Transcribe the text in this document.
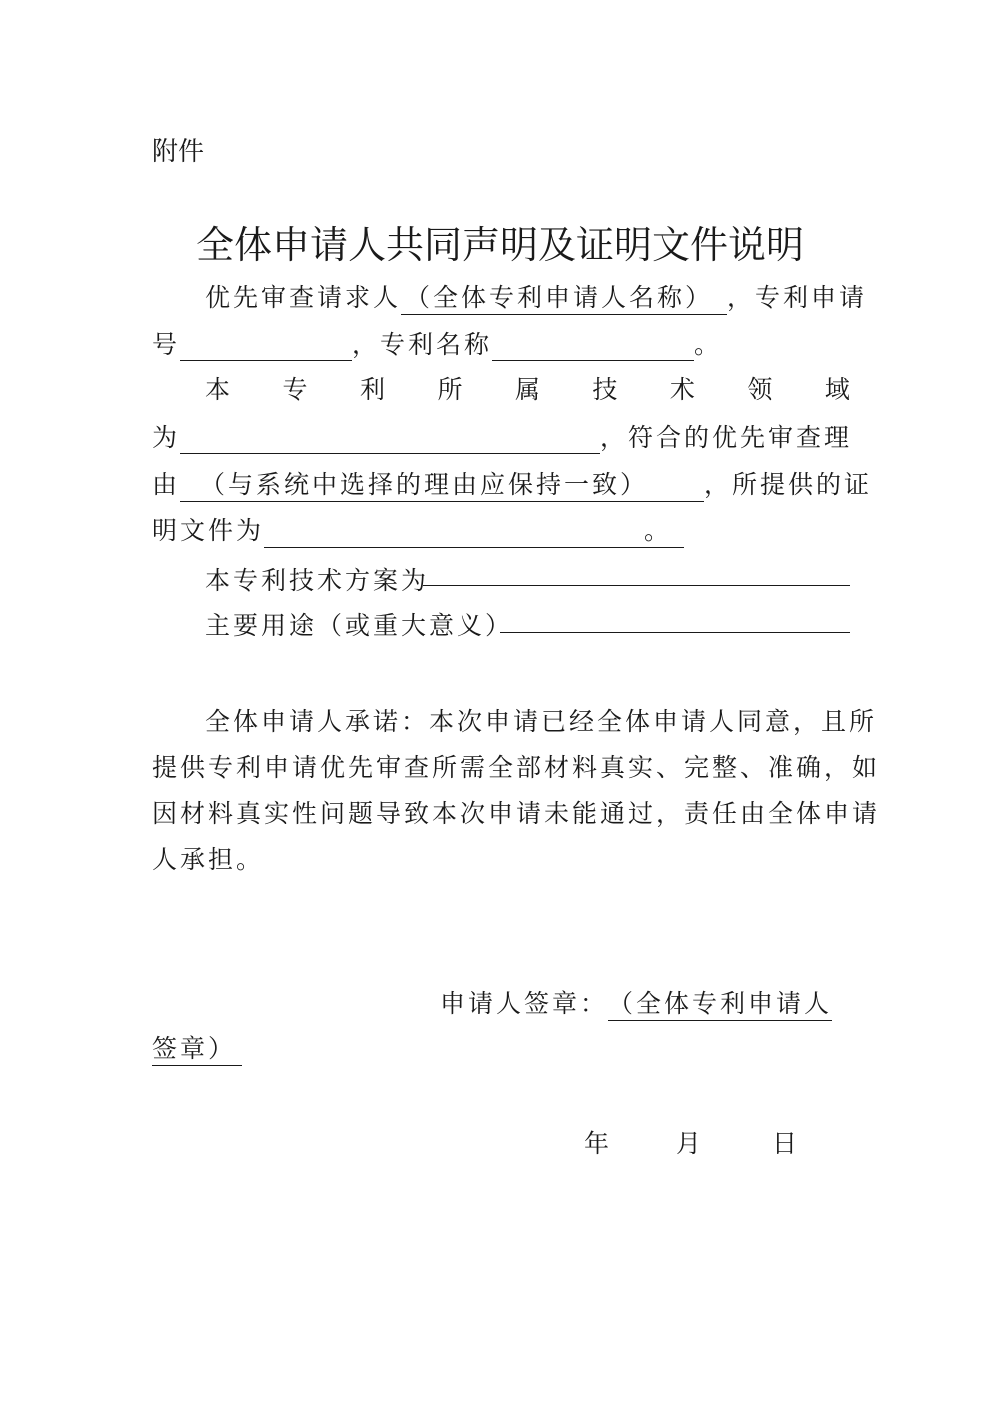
附件
全体申请人共同声明及证明文件说明
优先审查请求人 （全体专利申请人名称） ，专利申请
号	，专利名称	。
本 专 利 所 属 技 术 领 域
为	，符合的优先审查理
由 （与系统中选择的理由应保持一致） ，所提供的证
明文件为	。
本专利技术方案为
主要用途（或重大意义）
全体申请人承诺：本次申请已经全体申请人同意，且所
提供专利申请优先审查所需全部材料真实、完整、准确，如
因材料真实性问题导致本次申请未能通过，责任由全体申请
人承担。
申请人签章：（全体专利申请人
签章）
年	月	日
